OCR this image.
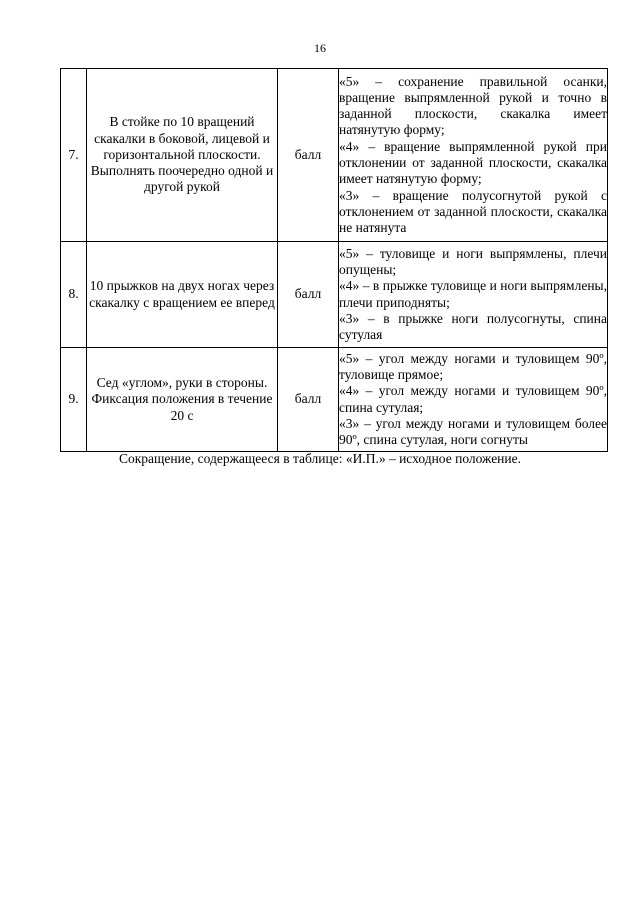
16
7.	В стойке по 10 вращений скакалки в боковой, лицевой и горизонтальной плоскости. Выполнять поочередно одной и другой рукой	балл	«5» – сохранение правильной осанки, вращение выпрямленной рукой и точно в заданной плоскости, скакалка имеет натянутую форму;
«4» – вращение выпрямленной рукой при отклонении от заданной плоскости, скакалка имеет натянутую форму;
«3» – вращение полусогнутой рукой с отклонением от заданной плоскости, скакалка не натянута

8.	10 прыжков на двух ногах через скакалку с вращением ее вперед	балл	«5» – туловище и ноги выпрямлены, плечи опущены;
«4» – в прыжке туловище и ноги выпрямлены, плечи приподняты;
«3» – в прыжке ноги полусогнуты, спина сутулая

9.	Сед «углом», руки в стороны. Фиксация положения в течение 20 с	балл	«5» – угол между ногами и туловищем 90º, туловище прямое;
«4» – угол между ногами и туловищем 90º, спина сутулая;
«3» – угол между ногами и туловищем более 90º, спина сутулая, ноги согнуты
Сокращение, содержащееся в таблице: «И.П.» – исходное положение.
